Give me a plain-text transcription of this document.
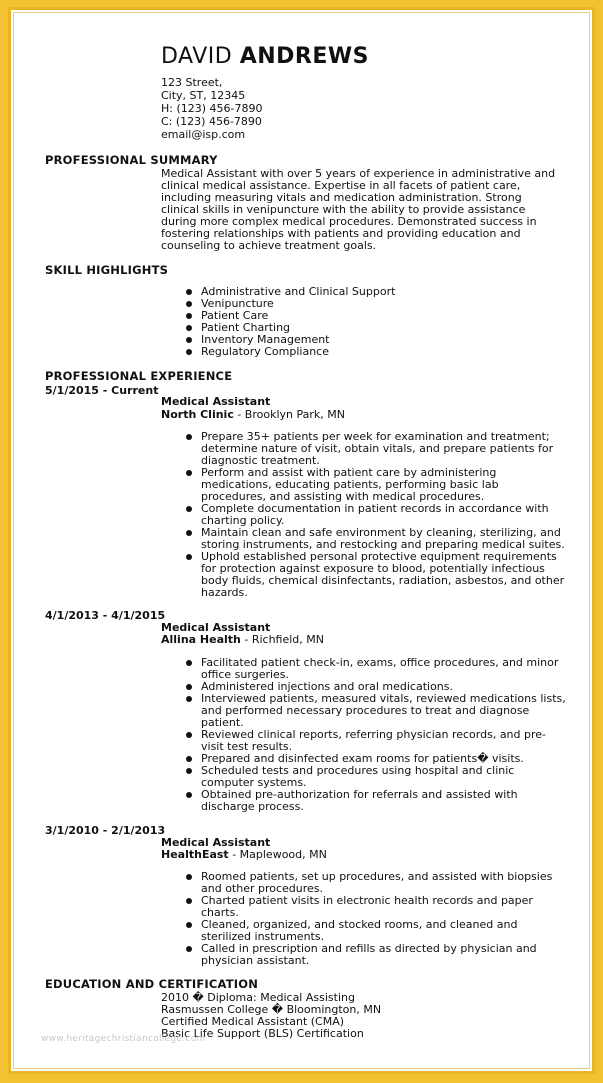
DAVID ANDREWS
123 Street,
City, ST, 12345
H: (123) 456-7890
C: (123) 456-7890
email@isp.com
PROFESSIONAL SUMMARY
Medical Assistant with over 5 years of experience in administrative and clinical medical assistance. Expertise in all facets of patient care, including measuring vitals and medication administration. Strong clinical skills in venipuncture with the ability to provide assistance during more complex medical procedures. Demonstrated success in fostering relationships with patients and providing education and counseling to achieve treatment goals.
SKILL HIGHLIGHTS
Administrative and Clinical Support
Venipuncture
Patient Care
Patient Charting
Inventory Management
Regulatory Compliance
PROFESSIONAL EXPERIENCE
5/1/2015 - Current
Medical Assistant
North Clinic - Brooklyn Park, MN
Prepare 35+ patients per week for examination and treatment; determine nature of visit, obtain vitals, and prepare patients for diagnostic treatment.
Perform and assist with patient care by administering medications, educating patients, performing basic lab procedures, and assisting with medical procedures.
Complete documentation in patient records in accordance with charting policy.
Maintain clean and safe environment by cleaning, sterilizing, and storing instruments, and restocking and preparing medical suites.
Uphold established personal protective equipment requirements for protection against exposure to blood, potentially infectious body fluids, chemical disinfectants, radiation, asbestos, and other hazards.
4/1/2013 - 4/1/2015
Medical Assistant
Allina Health - Richfield, MN
Facilitated patient check-in, exams, office procedures, and minor office surgeries.
Administered injections and oral medications.
Interviewed patients, measured vitals, reviewed medications lists, and performed necessary procedures to treat and diagnose patient.
Reviewed clinical reports, referring physician records, and pre-visit test results.
Prepared and disinfected exam rooms for patients� visits.
Scheduled tests and procedures using hospital and clinic computer systems.
Obtained pre-authorization for referrals and assisted with discharge process.
3/1/2010 - 2/1/2013
Medical Assistant
HealthEast - Maplewood, MN
Roomed patients, set up procedures, and assisted with biopsies and other procedures.
Charted patient visits in electronic health records and paper charts.
Cleaned, organized, and stocked rooms, and cleaned and sterilized instruments.
Called in prescription and refills as directed by physician and physician assistant.
EDUCATION AND CERTIFICATION
2010 � Diploma: Medical Assisting
Rasmussen College � Bloomington, MN
Certified Medical Assistant (CMA)
Basic Life Support (BLS) Certification
www.heritagechristiancollege.com
